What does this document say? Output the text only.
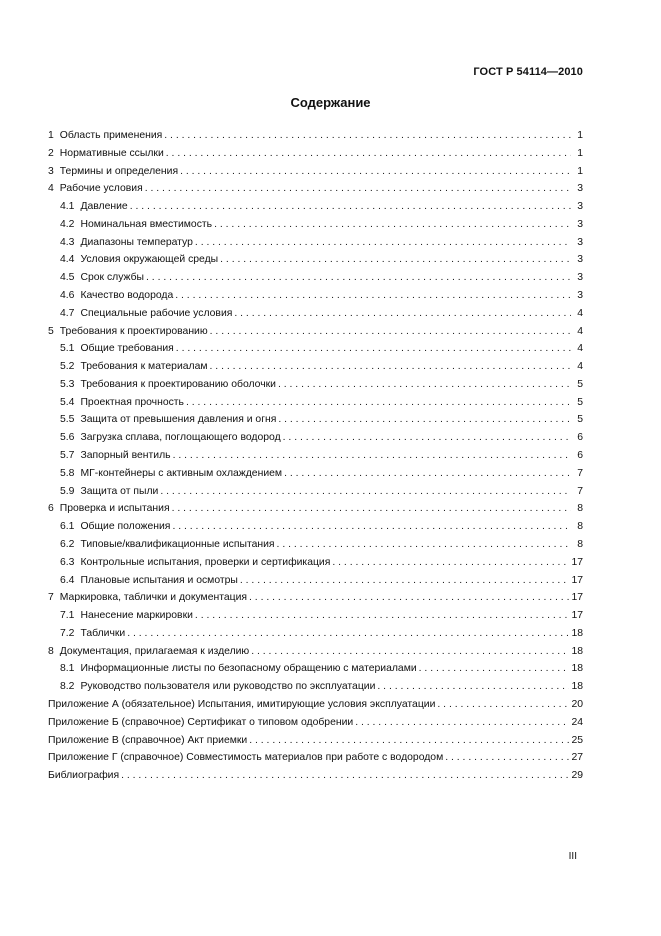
ГОСТ Р 54114—2010
Содержание
1 Область применения . . .	1
2 Нормативные ссылки . . .	1
3 Термины и определения . . .	1
4 Рабочие условия . . .	3
4.1 Давление . . .	3
4.2 Номинальная вместимость . . .	3
4.3 Диапазоны температур . . .	3
4.4 Условия окружающей среды . . .	3
4.5 Срок службы . . .	3
4.6 Качество водорода . . .	3
4.7 Специальные рабочие условия . . .	4
5 Требования к проектированию . . .	4
5.1 Общие требования . . .	4
5.2 Требования к материалам . . .	4
5.3 Требования к проектированию оболочки . . .	5
5.4 Проектная прочность . . .	5
5.5 Защита от превышения давления и огня . . .	5
5.6 Загрузка сплава, поглощающего водород . . .	6
5.7 Запорный вентиль . . .	6
5.8 МГ-контейнеры с активным охлаждением . . .	7
5.9 Защита от пыли . . .	7
6 Проверка и испытания . . .	8
6.1 Общие положения . . .	8
6.2 Типовые/квалификационные испытания . . .	8
6.3 Контрольные испытания, проверки и сертификация . . .	17
6.4 Плановые испытания и осмотры . . .	17
7 Маркировка, таблички и документация . . .	17
7.1 Нанесение маркировки . . .	17
7.2 Таблички . . .	18
8 Документация, прилагаемая к изделию . . .	18
8.1 Информационные листы по безопасному обращению с материалами . . .	18
8.2 Руководство пользователя или руководство по эксплуатации . . .	18
Приложение А (обязательное) Испытания, имитирующие условия эксплуатации . . .	20
Приложение Б (справочное) Сертификат о типовом одобрении . . .	24
Приложение В (справочное) Акт приемки . . .	25
Приложение Г (справочное) Совместимость материалов при работе с водородом . . .	27
Библиография . . .	29
III
